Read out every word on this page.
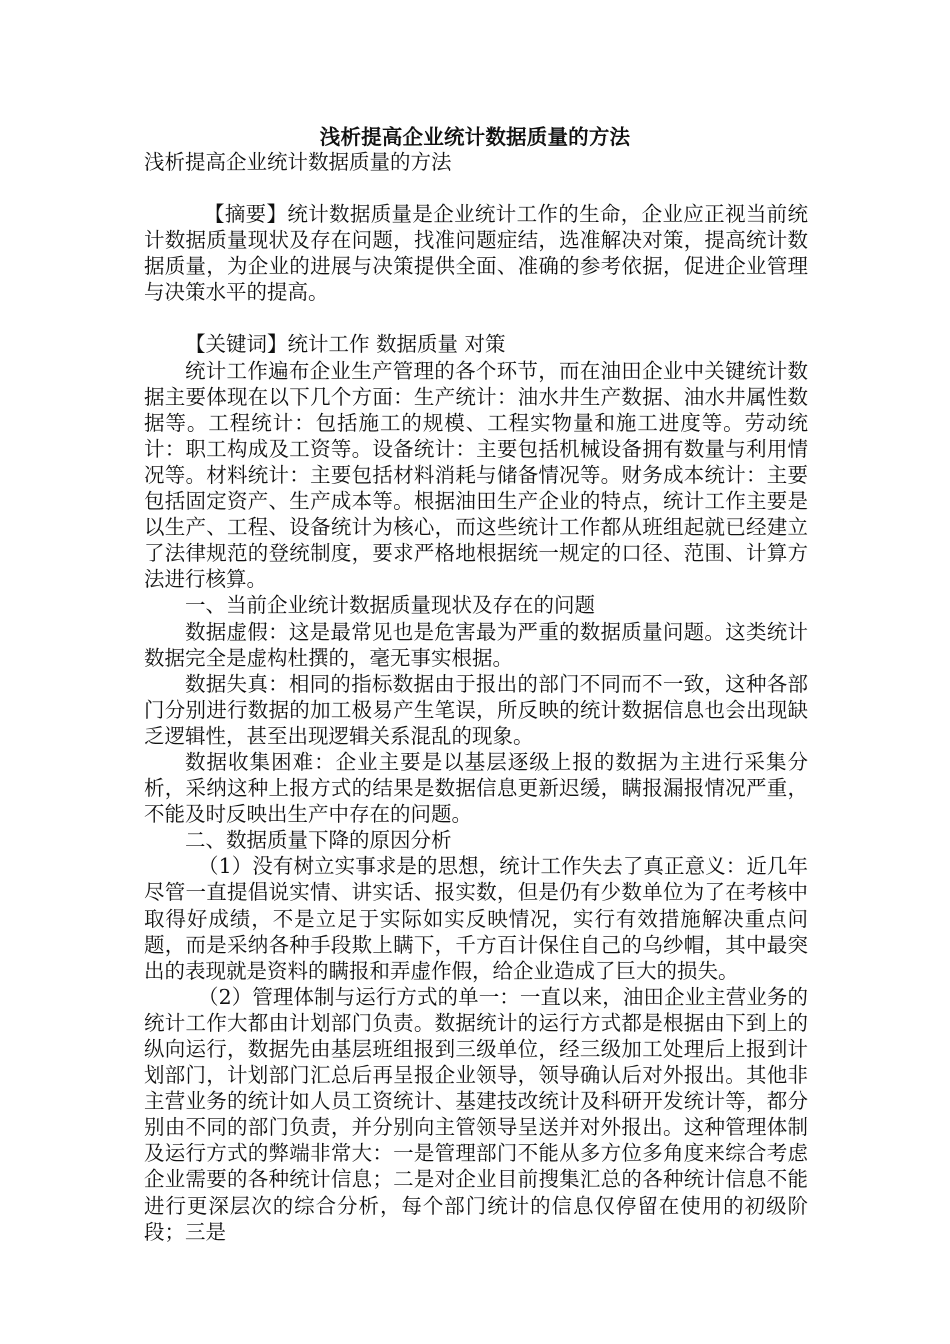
浅析提高企业统计数据质量的方法

浅析提高企业统计数据质量的方法

【摘要】统计数据质量是企业统计工作的生命，企业应正视当前统计数据质量现状及存在问题，找准问题症结，选准解决对策，提高统计数据质量，为企业的进展与决策提供全面、准确的参考依据，促进企业管理与决策水平的提高。

【关键词】统计工作 数据质量 对策

统计工作遍布企业生产管理的各个环节，而在油田企业中关键统计数据主要体现在以下几个方面：生产统计：油水井生产数据、油水井属性数据等。工程统计：包括施工的规模、工程实物量和施工进度等。劳动统计：职工构成及工资等。设备统计：主要包括机械设备拥有数量与利用情况等。材料统计：主要包括材料消耗与储备情况等。财务成本统计：主要包括固定资产、生产成本等。根据油田生产企业的特点，统计工作主要是以生产、工程、设备统计为核心，而这些统计工作都从班组起就已经建立了法律规范的登统制度，要求严格地根据统一规定的口径、范围、计算方法进行核算。

一、当前企业统计数据质量现状及存在的问题

数据虚假：这是最常见也是危害最为严重的数据质量问题。这类统计数据完全是虚构杜撰的，毫无事实根据。

数据失真：相同的指标数据由于报出的部门不同而不一致，这种各部门分别进行数据的加工极易产生笔误，所反映的统计数据信息也会出现缺乏逻辑性，甚至出现逻辑关系混乱的现象。

数据收集困难：企业主要是以基层逐级上报的数据为主进行采集分析，采纳这种上报方式的结果是数据信息更新迟缓，瞒报漏报情况严重，不能及时反映出生产中存在的问题。

二、数据质量下降的原因分析

（1）没有树立实事求是的思想，统计工作失去了真正意义：近几年尽管一直提倡说实情、讲实话、报实数，但是仍有少数单位为了在考核中取得好成绩，不是立足于实际如实反映情况，实行有效措施解决重点问题，而是采纳各种手段欺上瞒下，千方百计保住自己的乌纱帽，其中最突出的表现就是资料的瞒报和弄虚作假，给企业造成了巨大的损失。

（2）管理体制与运行方式的单一：一直以来，油田企业主营业务的统计工作大都由计划部门负责。数据统计的运行方式都是根据由下到上的纵向运行，数据先由基层班组报到三级单位，经三级加工处理后上报到计划部门，计划部门汇总后再呈报企业领导，领导确认后对外报出。其他非主营业务的统计如人员工资统计、基建技改统计及科研开发统计等，都分别由不同的部门负责，并分别向主管领导呈送并对外报出。这种管理体制及运行方式的弊端非常大：一是管理部门不能从多方位多角度来综合考虑企业需要的各种统计信息；二是对企业目前搜集汇总的各种统计信息不能进行更深层次的综合分析，每个部门统计的信息仅停留在使用的初级阶段；三是
